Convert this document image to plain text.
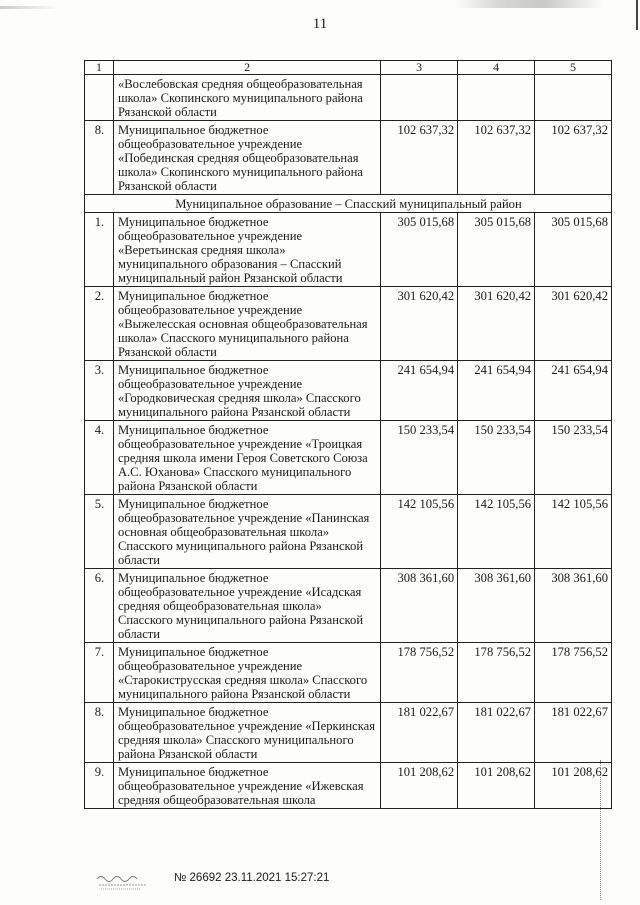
11
1	2	3	4	5
	«Вослебовская средняя общеобразовательная школа» Скопинского муниципального района Рязанской области			
8.	Муниципальное бюджетное общеобразовательное учреждение «Побединская средняя общеобразовательная школа» Скопинского муниципального района Рязанской области	102 637,32	102 637,32	102 637,32
Муниципальное образование – Спасский муниципальный район				
1.	Муниципальное бюджетное общеобразовательное учреждение «Веретьинская средняя школа» муниципального образования – Спасский муниципальный район Рязанской области	305 015,68	305 015,68	305 015,68
2.	Муниципальное бюджетное общеобразовательное учреждение «Выжелесская основная общеобразовательная школа» Спасского муниципального района Рязанской области	301 620,42	301 620,42	301 620,42
3.	Муниципальное бюджетное общеобразовательное учреждение «Городковическая средняя школа» Спасского муниципального района Рязанской области	241 654,94	241 654,94	241 654,94
4.	Муниципальное бюджетное общеобразовательное учреждение «Троицкая средняя школа имени Героя Советского Союза А.С. Юханова» Спасского муниципального района Рязанской области	150 233,54	150 233,54	150 233,54
5.	Муниципальное бюджетное общеобразовательное учреждение «Панинская основная общеобразовательная школа» Спасского муниципального района Рязанской области	142 105,56	142 105,56	142 105,56
6.	Муниципальное бюджетное общеобразовательное учреждение «Исадская средняя общеобразовательная школа» Спасского муниципального района Рязанской области	308 361,60	308 361,60	308 361,60
7.	Муниципальное бюджетное общеобразовательное учреждение «Старокиструсская средняя школа» Спасского муниципального района Рязанской области	178 756,52	178 756,52	178 756,52
8.	Муниципальное бюджетное общеобразовательное учреждение «Перкинская средняя школа» Спасского муниципального района Рязанской области	181 022,67	181 022,67	181 022,67
9.	Муниципальное бюджетное общеобразовательное учреждение «Ижевская средняя общеобразовательная школа	101 208,62	101 208,62	101 208,62
№ 26692 23.11.2021 15:27:21
